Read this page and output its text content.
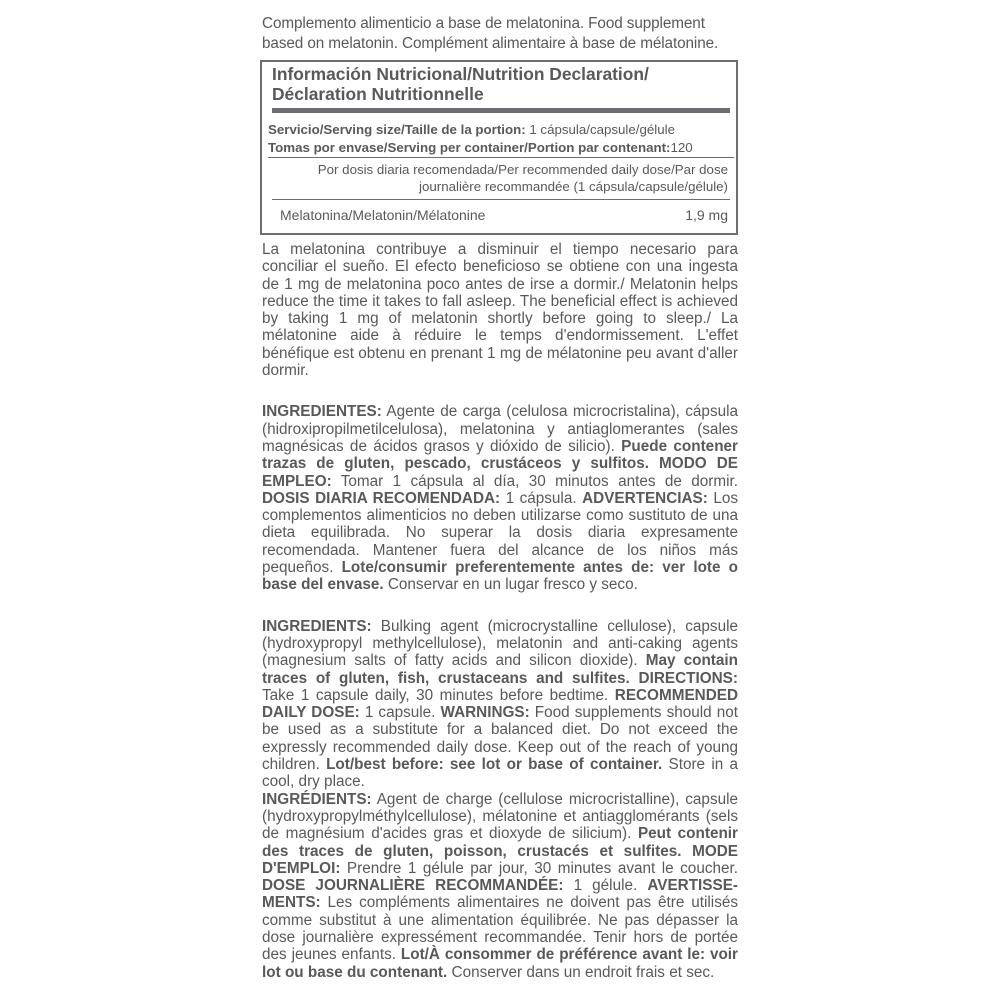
Complemento alimenticio a base de melatonina. Food supplement based on melatonin. Complément alimentaire à base de mélatonine.

Información Nutricional/Nutrition Declaration/ Déclaration Nutritionnelle
Servicio/Serving size/Taille de la portion: 1 cápsula/capsule/gélule
Tomas por envase/Serving per container/Portion par contenant:120
Por dosis diaria recomendada/Per recommended daily dose/Par dose journalière recommandée (1 cápsula/capsule/gélule)
Melatonina/Melatonin/Mélatonine	1,9 mg

La melatonina contribuye a disminuir el tiempo necesario para conciliar el sueño. El efecto beneficioso se obtiene con una ingesta de 1 mg de melatonina poco antes de irse a dormir./ Melatonin helps reduce the time it takes to fall asleep. The beneficial effect is achieved by taking 1 mg of melatonin shortly before going to sleep./ La mélatonine aide à réduire le temps d'endormissement. L'effet bénéfique est obtenu en prenant 1 mg de mélatonine peu avant d'aller dormir.

INGREDIENTES: Agente de carga (celulosa microcristalina), cápsula (hidroxipropilmetilcelulosa), melatonina y antiaglomerantes (sales magnésicas de ácidos grasos y dióxido de silicio). Puede contener trazas de gluten, pescado, crustáceos y sulfitos. MODO DE EMPLEO: Tomar 1 cápsula al día, 30 minutos antes de dormir. DOSIS DIARIA RECOMENDADA: 1 cápsula. ADVERTENCIAS: Los complementos alimenticios no deben utilizarse como sustituto de una dieta equilibrada. No superar la dosis diaria expresamente recomendada. Mantener fuera del alcance de los niños más pequeños. Lote/consumir preferentemente antes de: ver lote o base del envase. Conservar en un lugar fresco y seco.

INGREDIENTS: Bulking agent (microcrystalline cellulose), capsule (hydroxypropyl methylcellulose), melatonin and anti-caking agents (magnesium salts of fatty acids and silicon dioxide). May contain traces of gluten, fish, crustaceans and sulfites. DIRECTIONS: Take 1 capsule daily, 30 minutes before bedtime. RECOMMENDED DAILY DOSE: 1 capsule. WARNINGS: Food supplements should not be used as a substitute for a balanced diet. Do not exceed the expressly recommended daily dose. Keep out of the reach of young children. Lot/best before: see lot or base of container. Store in a cool, dry place.

INGRÉDIENTS: Agent de charge (cellulose microcristalline), capsule (hydroxypropylméthylcellulose), mélatonine et antiagglomérants (sels de magnésium d'acides gras et dioxyde de silicium). Peut contenir des traces de gluten, poisson, crustacés et sulfites. MODE D'EMPLOI: Prendre 1 gélule par jour, 30 minutes avant le coucher. DOSE JOURNALIÈRE RECOMMANDÉE: 1 gélule. AVERTISSE-MENTS: Les compléments alimentaires ne doivent pas être utilisés comme substitut à une alimentation équilibrée. Ne pas dépasser la dose journalière expressément recommandée. Tenir hors de portée des jeunes enfants. Lot/À consommer de préférence avant le: voir lot ou base du contenant. Conserver dans un endroit frais et sec.
